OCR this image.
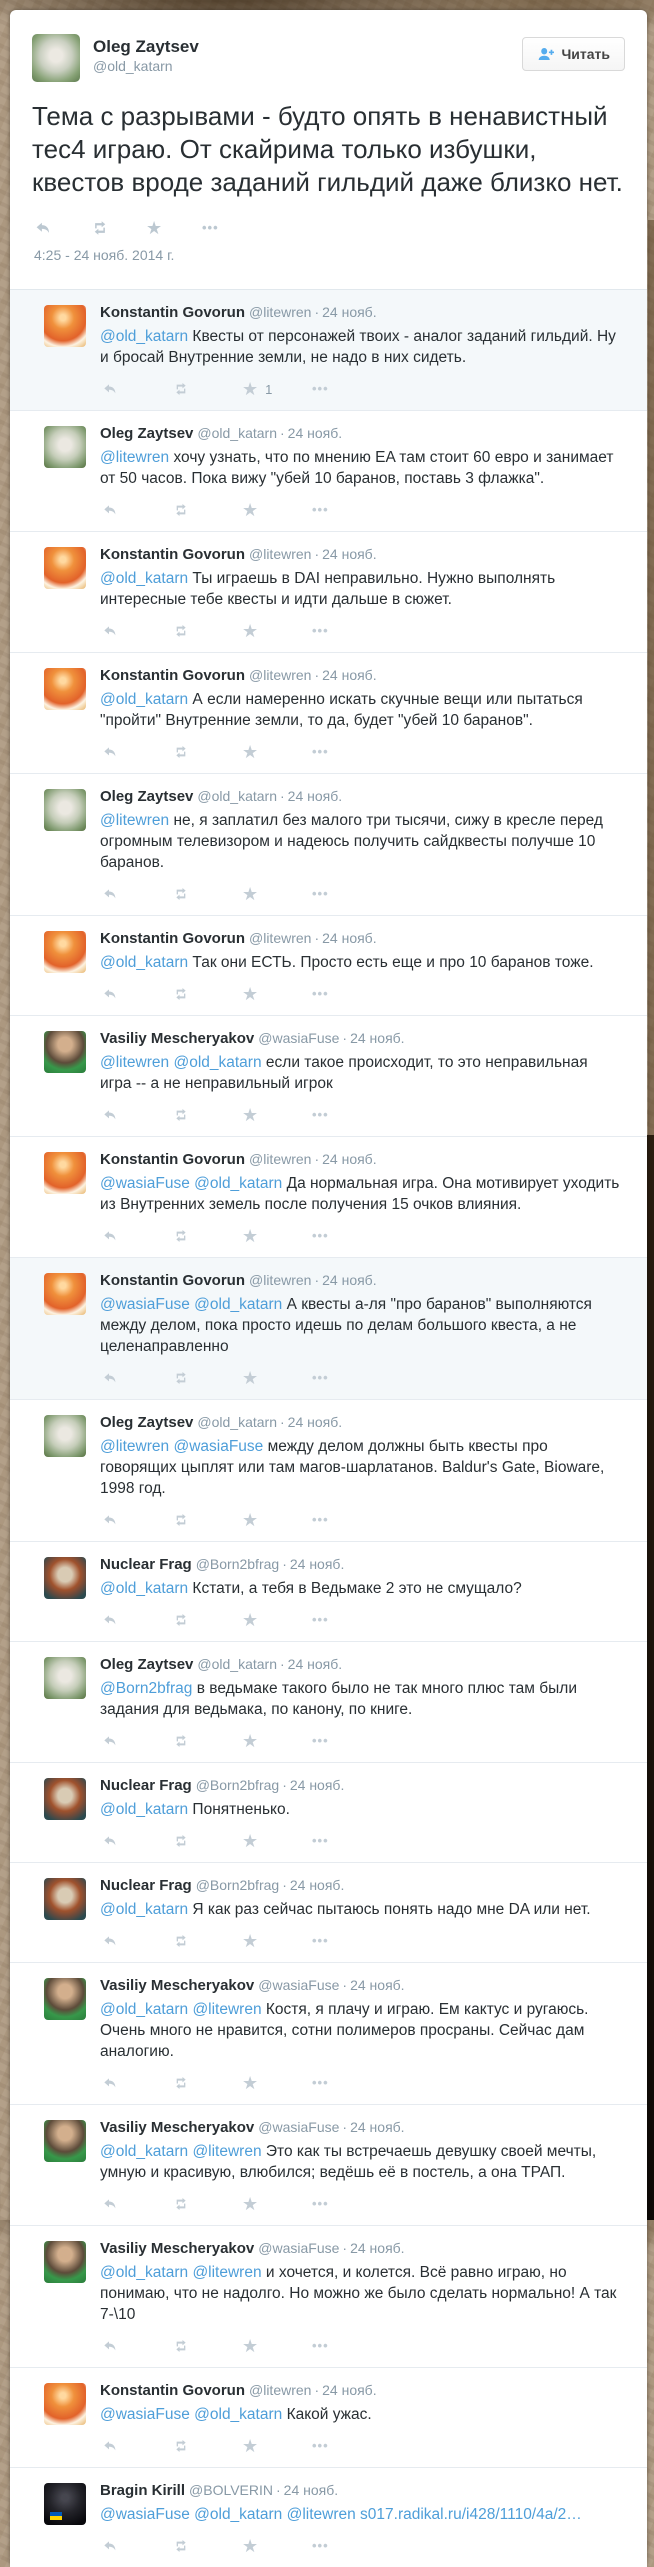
Oleg Zaytsev
@old_katarn
Читать

Тема с разрывами - будто опять в ненавистный тес4 играю. От скайрима только избушки, квестов вроде заданий гильдий даже близко нет.

★	•••
4:25 - 24 нояб. 2014 г.
Konstantin Govorun @litewren · 24 нояб.

@old_katarn Квесты от персонажей твоих - аналог заданий гильдий. Ну и бросай Внутренние земли, не надо в них сидеть.

★ 1	•••
Oleg Zaytsev @old_katarn · 24 нояб.

@litewren хочу узнать, что по мнению EA там стоит 60 евро и занимает от 50 часов. Пока вижу "убей 10 баранов, поставь 3 флажка".

★	•••
Konstantin Govorun @litewren · 24 нояб.

@old_katarn Ты играешь в DAI неправильно. Нужно выполнять интересные тебе квесты и идти дальше в сюжет.

★	•••
Konstantin Govorun @litewren · 24 нояб.

@old_katarn А если намеренно искать скучные вещи или пытаться "пройти" Внутренние земли, то да, будет "убей 10 баранов".

★	•••
Oleg Zaytsev @old_katarn · 24 нояб.

@litewren не, я заплатил без малого три тысячи, сижу в кресле перед огромным телевизором и надеюсь получить сайдквесты получше 10 баранов.

★	•••
Konstantin Govorun @litewren · 24 нояб.

@old_katarn Так они ЕСТЬ. Просто есть еще и про 10 баранов тоже.

★	•••
Vasiliy Mescheryakov @wasiaFuse · 24 нояб.

@litewren @old_katarn если такое происходит, то это неправильная игра -- а не неправильный игрок

★	•••
Konstantin Govorun @litewren · 24 нояб.

@wasiaFuse @old_katarn Да нормальная игра. Она мотивирует уходить из Внутренних земель после получения 15 очков влияния.

★	•••
Konstantin Govorun @litewren · 24 нояб.

@wasiaFuse @old_katarn А квесты а-ля "про баранов" выполняются между делом, пока просто идешь по делам большого квеста, а не целенаправленно

★	•••
Oleg Zaytsev @old_katarn · 24 нояб.

@litewren @wasiaFuse между делом должны быть квесты про говорящих цыплят или там магов-шарлатанов. Baldur's Gate, Bioware, 1998 год.

★	•••
Nuclear Frag @Born2bfrag · 24 нояб.

@old_katarn Кстати, а тебя в Ведьмаке 2 это не смущало?

★	•••
Oleg Zaytsev @old_katarn · 24 нояб.

@Born2bfrag в ведьмаке такого было не так много плюс там были задания для ведьмака, по канону, по книге.

★	•••
Nuclear Frag @Born2bfrag · 24 нояб.

@old_katarn Понятненько.

★	•••
Nuclear Frag @Born2bfrag · 24 нояб.

@old_katarn Я как раз сейчас пытаюсь понять надо мне DA или нет.

★	•••
Vasiliy Mescheryakov @wasiaFuse · 24 нояб.

@old_katarn @litewren Костя, я плачу и играю. Ем кактус и ругаюсь. Очень много не нравится, сотни полимеров просраны. Сейчас дам аналогию.

★	•••
Vasiliy Mescheryakov @wasiaFuse · 24 нояб.

@old_katarn @litewren Это как ты встречаешь девушку своей мечты, умную и красивую, влюбился; ведёшь её в постель, а она ТРАП.

★	•••
Vasiliy Mescheryakov @wasiaFuse · 24 нояб.

@old_katarn @litewren и хочется, и колется. Всё равно играю, но понимаю, что не надолго. Но можно же было сделать нормально! А так 7-\10

★	•••
Konstantin Govorun @litewren · 24 нояб.

@wasiaFuse @old_katarn Какой ужас.

★	•••
Bragin Kirill @BOLVERIN · 24 нояб.

@wasiaFuse @old_katarn @litewren s017.radikal.ru/i428/1110/4a/2…

★	•••
